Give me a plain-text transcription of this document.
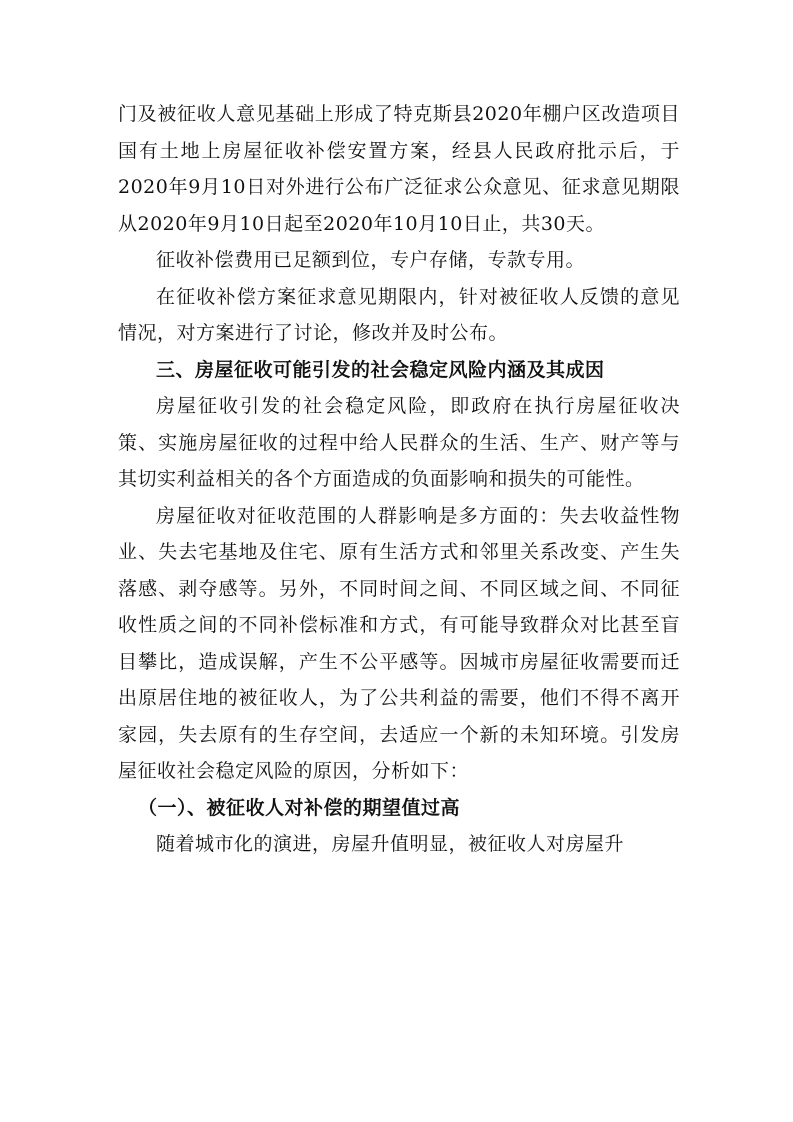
门及被征收人意见基础上形成了特克斯县2020年棚户区改造项目国有土地上房屋征收补偿安置方案，经县人民政府批示后，于2020年9月10日对外进行公布广泛征求公众意见、征求意见期限从2020年9月10日起至2020年10月10日止，共30天。

征收补偿费用已足额到位，专户存储，专款专用。

在征收补偿方案征求意见期限内，针对被征收人反馈的意见情况，对方案进行了讨论，修改并及时公布。

三、房屋征收可能引发的社会稳定风险内涵及其成因

房屋征收引发的社会稳定风险，即政府在执行房屋征收决策、实施房屋征收的过程中给人民群众的生活、生产、财产等与其切实利益相关的各个方面造成的负面影响和损失的可能性。

房屋征收对征收范围的人群影响是多方面的：失去收益性物业、失去宅基地及住宅、原有生活方式和邻里关系改变、产生失落感、剥夺感等。另外，不同时间之间、不同区域之间、不同征收性质之间的不同补偿标准和方式，有可能导致群众对比甚至盲目攀比，造成误解，产生不公平感等。因城市房屋征收需要而迁出原居住地的被征收人，为了公共利益的需要，他们不得不离开家园，失去原有的生存空间，去适应一个新的未知环境。引发房屋征收社会稳定风险的原因，分析如下：

（一）、被征收人对补偿的期望值过高

随着城市化的演进，房屋升值明显，被征收人对房屋升
